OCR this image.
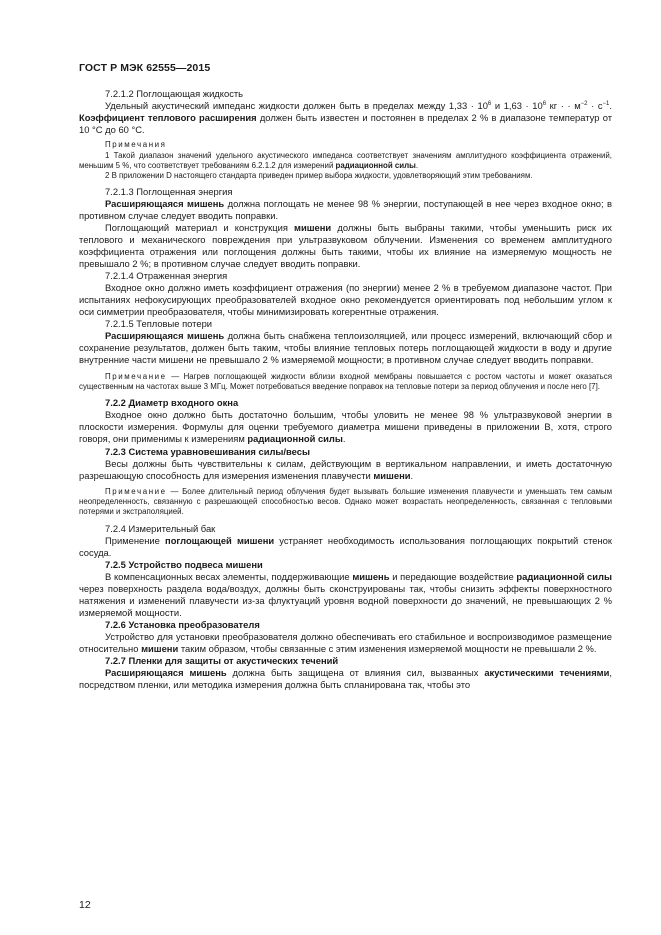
ГОСТ Р МЭК 62555—2015

7.2.1.2 Поглощающая жидкость

Удельный акустический импеданс жидкости должен быть в пределах между $1,33 \cdot 10^6$ и $1,63 \cdot 10^6$ кг · · $м^{-2} \cdot с^{-1}$. Коэффициент теплового расширения должен быть известен и постоянен в пределах 2 % в диапазоне температур от 10 °С до 60 °С.

Примечания

1 Такой диапазон значений удельного акустического импеданса соответствует значениям амплитудного коэффициента отражений, меньшим 5 %, что соответствует требованиям 6.2.1.2 для измерений радиационной силы.

2 В приложении D настоящего стандарта приведен пример выбора жидкости, удовлетворяющий этим требованиям.

7.2.1.3 Поглощенная энергия

Расширяющаяся мишень должна поглощать не менее 98 % энергии, поступающей в нее через входное окно; в противном случае следует вводить поправки.

Поглощающий материал и конструкция мишени должны быть выбраны такими, чтобы уменьшить риск их теплового и механического повреждения при ультразвуковом облучении. Изменения со временем амплитудного коэффициента отражения или поглощения должны быть такими, чтобы их влияние на измеряемую мощность не превышало 2 %; в противном случае следует вводить поправки.

7.2.1.4 Отраженная энергия

Входное окно должно иметь коэффициент отражения (по энергии) менее 2 % в требуемом диапазоне частот. При испытаниях нефокусирующих преобразователей входное окно рекомендуется ориентировать под небольшим углом к оси симметрии преобразователя, чтобы минимизировать когерентные отражения.

7.2.1.5 Тепловые потери

Расширяющаяся мишень должна быть снабжена теплоизоляцией, или процесс измерений, включающий сбор и сохранение результатов, должен быть таким, чтобы влияние тепловых потерь поглощающей жидкости в воду и другие внутренние части мишени не превышало 2 % измеряемой мощности; в противном случае следует вводить поправки.

Примечание — Нагрев поглощающей жидкости вблизи входной мембраны повышается с ростом частоты и может оказаться существенным на частотах выше 3 МГц. Может потребоваться введение поправок на тепловые потери за период облучения и после него [7].

7.2.2 Диаметр входного окна

Входное окно должно быть достаточно большим, чтобы уловить не менее 98 % ультразвуковой энергии в плоскости измерения. Формулы для оценки требуемого диаметра мишени приведены в приложении B, хотя, строго говоря, они применимы к измерениям радиационной силы.

7.2.3 Система уравновешивания силы/весы

Весы должны быть чувствительны к силам, действующим в вертикальном направлении, и иметь достаточную разрешающую способность для измерения изменения плавучести мишени.

Примечание — Более длительный период облучения будет вызывать большие изменения плавучести и уменьшать тем самым неопределенность, связанную с разрешающей способностью весов. Однако может возрастать неопределенность, связанная с тепловыми потерями и экстраполяцией.

7.2.4 Измерительный бак

Применение поглощающей мишени устраняет необходимость использования поглощающих покрытий стенок сосуда.

7.2.5 Устройство подвеса мишени

В компенсационных весах элементы, поддерживающие мишень и передающие воздействие радиационной силы через поверхность раздела вода/воздух, должны быть сконструированы так, чтобы снизить эффекты поверхностного натяжения и изменений плавучести из-за флуктуаций уровня водной поверхности до значений, не превышающих 2 % измеряемой мощности.

7.2.6 Установка преобразователя

Устройство для установки преобразователя должно обеспечивать его стабильное и воспроизводимое размещение относительно мишени таким образом, чтобы связанные с этим изменения измеряемой мощности не превышали 2 %.

7.2.7 Пленки для защиты от акустических течений

Расширяющаяся мишень должна быть защищена от влияния сил, вызванных акустическими течениями, посредством пленки, или методика измерения должна быть спланирована так, чтобы это

12
